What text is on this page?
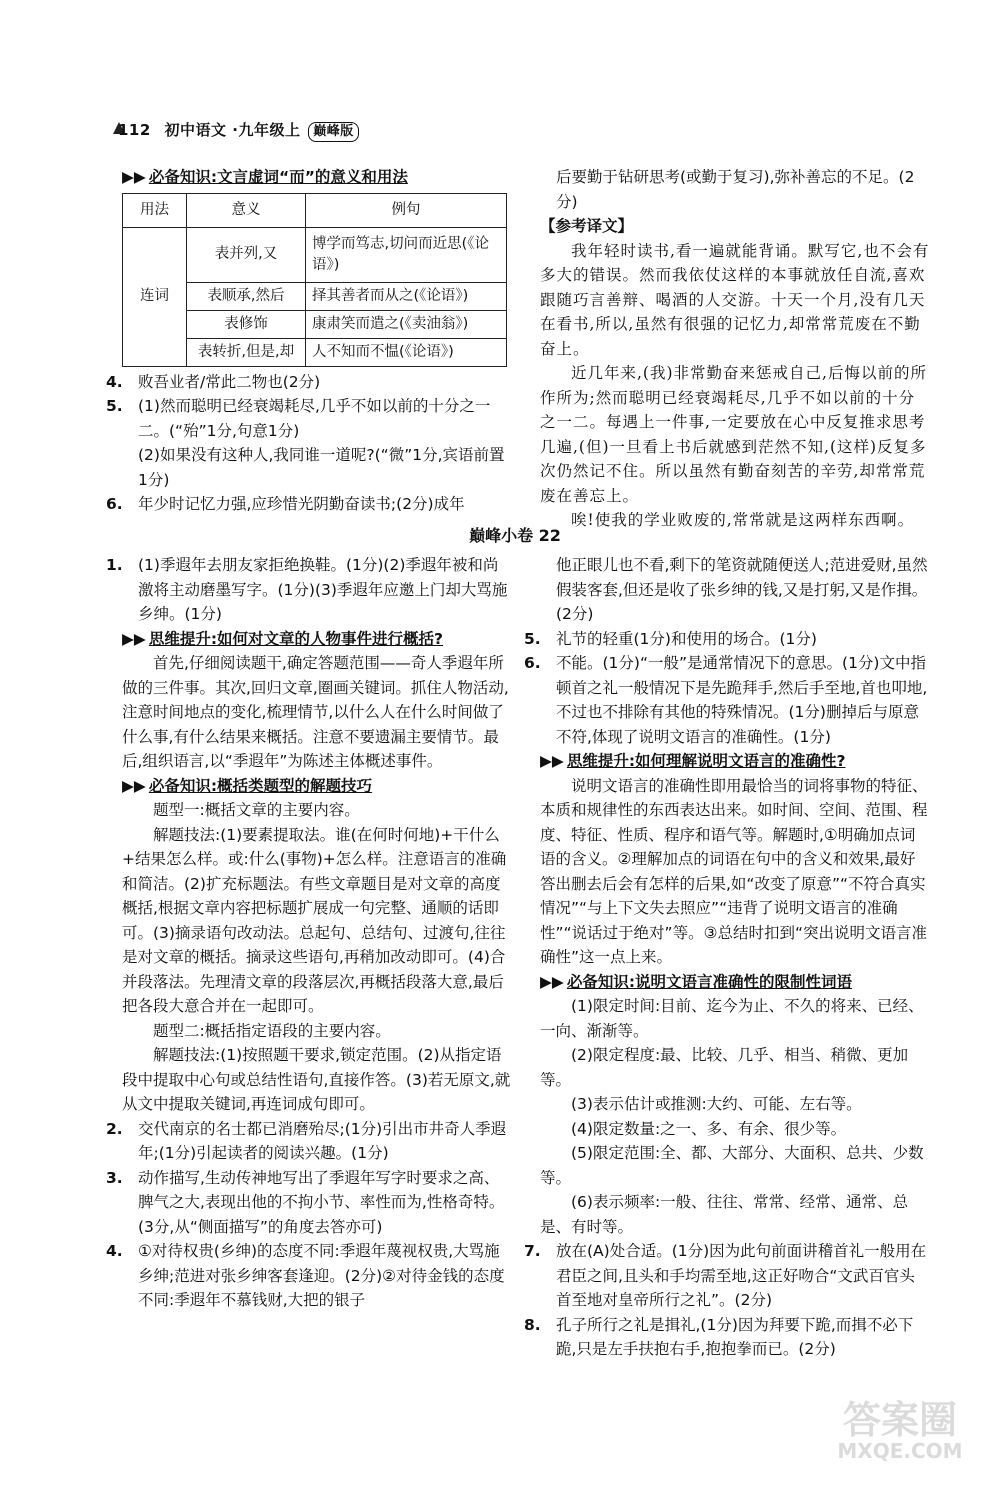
112 初中语文 ·九年级上 巅峰版

▶▶ 必备知识:文言虚词“而”的意义和用法

用法	意义	例句
连词	表并列,又	博学而笃志,切问而近思(《论语》)
	表顺承,然后	择其善者而从之(《论语》)
	表修饰	康肃笑而遣之(《卖油翁》)
	表转折,但是,却	人不知而不愠(《论语》)

4. 败吾业者/常此二物也(2分)

5. (1)然而聪明已经衰竭耗尽,几乎不如以前的十分之一二。(“殆”1分,句意1分)

(2)如果没有这种人,我同谁一道呢?(“微”1分,宾语前置1分)

6. 年少时记忆力强,应珍惜光阴勤奋读书;(2分)成年

后要勤于钻研思考(或勤于复习),弥补善忘的不足。(2分)

【参考译文】

我年轻时读书,看一遍就能背诵。默写它,也不会有多大的错误。然而我依仗这样的本事就放任自流,喜欢跟随巧言善辩、喝酒的人交游。十天一个月,没有几天在看书,所以,虽然有很强的记忆力,却常常荒废在不勤奋上。

近几年来,(我)非常勤奋来惩戒自己,后悔以前的所作所为;然而聪明已经衰竭耗尽,几乎不如以前的十分之一二。每遇上一件事,一定要放在心中反复推求思考几遍,(但)一旦看上书后就感到茫然不知,(这样)反复多次仍然记不住。所以虽然有勤奋刻苦的辛劳,却常常荒废在善忘上。

唉!使我的学业败废的,常常就是这两样东西啊。

巅峰小卷 22

1. (1)季遐年去朋友家拒绝换鞋。(1分)(2)季遐年被和尚激将主动磨墨写字。(1分)(3)季遐年应邀上门却大骂施乡绅。(1分)

▶▶ 思维提升:如何对文章的人物事件进行概括?

首先,仔细阅读题干,确定答题范围——奇人季遐年所做的三件事。其次,回归文章,圈画关键词。抓住人物活动,注意时间地点的变化,梳理情节,以什么人在什么时间做了什么事,有什么结果来概括。注意不要遗漏主要情节。最后,组织语言,以“季遐年”为陈述主体概述事件。

▶▶ 必备知识:概括类题型的解题技巧

题型一:概括文章的主要内容。

解题技法:(1)要素提取法。谁(在何时何地)+干什么+结果怎么样。或:什么(事物)+怎么样。注意语言的准确和简洁。(2)扩充标题法。有些文章题目是对文章的高度概括,根据文章内容把标题扩展成一句完整、通顺的话即可。(3)摘录语句改动法。总起句、总结句、过渡句,往往是对文章的概括。摘录这些语句,再稍加改动即可。(4)合并段落法。先理清文章的段落层次,再概括段落大意,最后把各段大意合并在一起即可。

题型二:概括指定语段的主要内容。

解题技法:(1)按照题干要求,锁定范围。(2)从指定语段中提取中心句或总结性语句,直接作答。(3)若无原文,就从文中提取关键词,再连词成句即可。

2. 交代南京的名士都已消磨殆尽;(1分)引出市井奇人季遐年;(1分)引起读者的阅读兴趣。(1分)

3. 动作描写,生动传神地写出了季遐年写字时要求之高、脾气之大,表现出他的不拘小节、率性而为,性格奇特。(3分,从“侧面描写”的角度去答亦可)

4. ①对待权贵(乡绅)的态度不同:季遐年蔑视权贵,大骂施乡绅;范进对张乡绅客套逢迎。(2分)②对待金钱的态度不同:季遐年不慕钱财,大把的银子

他正眼儿也不看,剩下的笔资就随便送人;范进爱财,虽然假装客套,但还是收了张乡绅的钱,又是打躬,又是作揖。(2分)

5. 礼节的轻重(1分)和使用的场合。(1分)

6. 不能。(1分)“一般”是通常情况下的意思。(1分)文中指顿首之礼一般情况下是先跪拜手,然后手至地,首也叩地,不过也不排除有其他的特殊情况。(1分)删掉后与原意不符,体现了说明文语言的准确性。(1分)

▶▶ 思维提升:如何理解说明文语言的准确性?

说明文语言的准确性即用最恰当的词将事物的特征、本质和规律性的东西表达出来。如时间、空间、范围、程度、特征、性质、程序和语气等。解题时,①明确加点词语的含义。②理解加点的词语在句中的含义和效果,最好答出删去后会有怎样的后果,如“改变了原意”“不符合真实情况”“与上下文失去照应”“违背了说明文语言的准确性”“说话过于绝对”等。③总结时扣到“突出说明文语言准确性”这一点上来。

▶▶ 必备知识:说明文语言准确性的限制性词语

(1)限定时间:目前、迄今为止、不久的将来、已经、一向、渐渐等。

(2)限定程度:最、比较、几乎、相当、稍微、更加等。

(3)表示估计或推测:大约、可能、左右等。

(4)限定数量:之一、多、有余、很少等。

(5)限定范围:全、都、大部分、大面积、总共、少数等。

(6)表示频率:一般、往往、常常、经常、通常、总是、有时等。

7. 放在(A)处合适。(1分)因为此句前面讲稽首礼一般用在君臣之间,且头和手均需至地,这正好吻合“文武百官头首至地对皇帝所行之礼”。(2分)

8. 孔子所行之礼是揖礼,(1分)因为拜要下跪,而揖不必下跪,只是左手扶抱右手,抱抱拳而已。(2分)

答案圈
MXQE.COM
